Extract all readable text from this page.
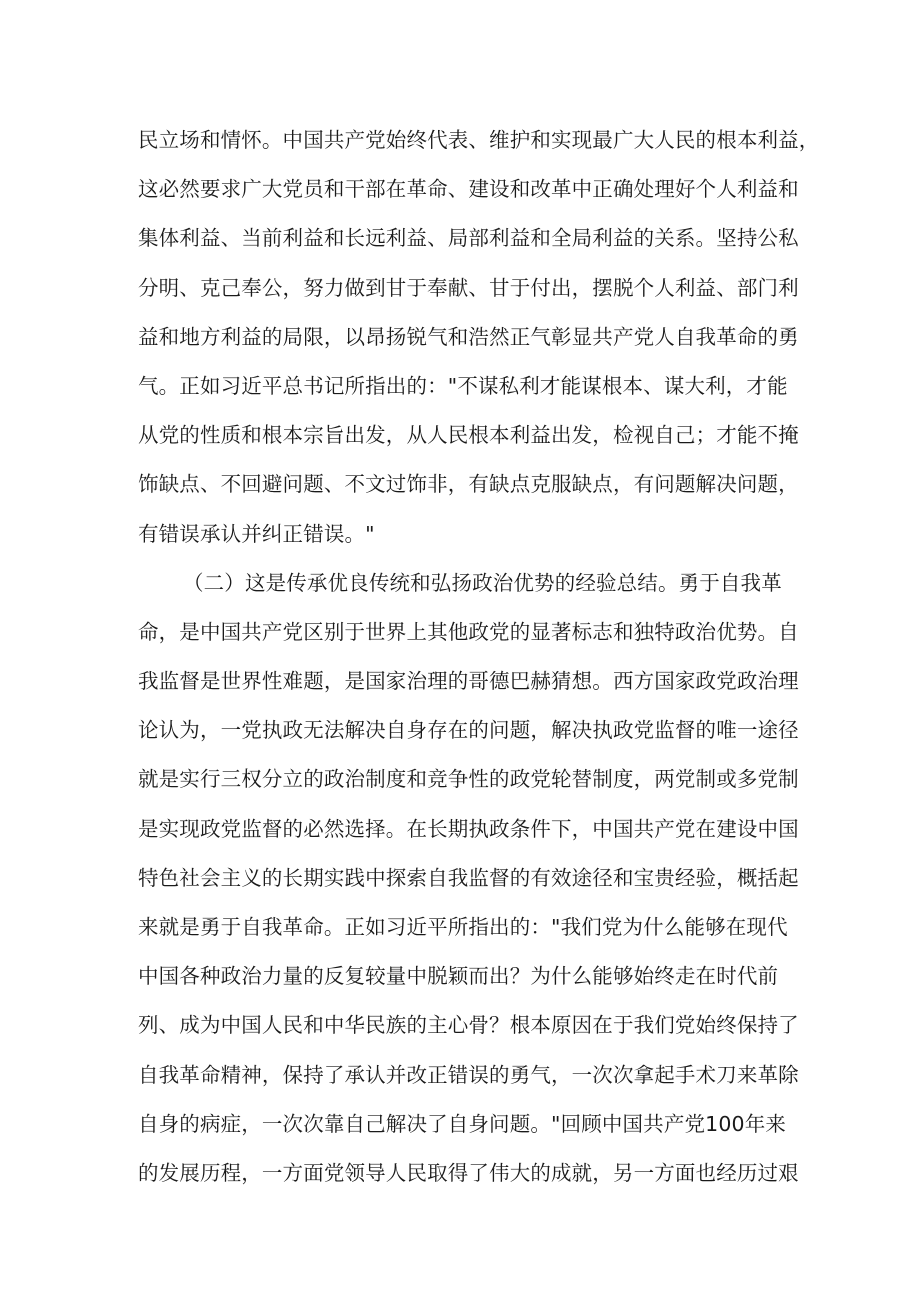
民立场和情怀。中国共产党始终代表、维护和实现最广大人民的根本利益，
这必然要求广大党员和干部在革命、建设和改革中正确处理好个人利益和
集体利益、当前利益和长远利益、局部利益和全局利益的关系。坚持公私
分明、克己奉公，努力做到甘于奉献、甘于付出，摆脱个人利益、部门利
益和地方利益的局限，以昂扬锐气和浩然正气彰显共产党人自我革命的勇
气。正如习近平总书记所指出的："不谋私利才能谋根本、谋大利，才能
从党的性质和根本宗旨出发，从人民根本利益出发，检视自己；才能不掩
饰缺点、不回避问题、不文过饰非，有缺点克服缺点，有问题解决问题，
有错误承认并纠正错误。"
（二）这是传承优良传统和弘扬政治优势的经验总结。勇于自我革
命，是中国共产党区别于世界上其他政党的显著标志和独特政治优势。自
我监督是世界性难题，是国家治理的哥德巴赫猜想。西方国家政党政治理
论认为，一党执政无法解决自身存在的问题，解决执政党监督的唯一途径
就是实行三权分立的政治制度和竞争性的政党轮替制度，两党制或多党制
是实现政党监督的必然选择。在长期执政条件下，中国共产党在建设中国
特色社会主义的长期实践中探索自我监督的有效途径和宝贵经验，概括起
来就是勇于自我革命。正如习近平所指出的："我们党为什么能够在现代
中国各种政治力量的反复较量中脱颖而出？为什么能够始终走在时代前
列、成为中国人民和中华民族的主心骨？根本原因在于我们党始终保持了
自我革命精神，保持了承认并改正错误的勇气，一次次拿起手术刀来革除
自身的病症，一次次靠自己解决了自身问题。"回顾中国共产党100年来
的发展历程，一方面党领导人民取得了伟大的成就，另一方面也经历过艰
